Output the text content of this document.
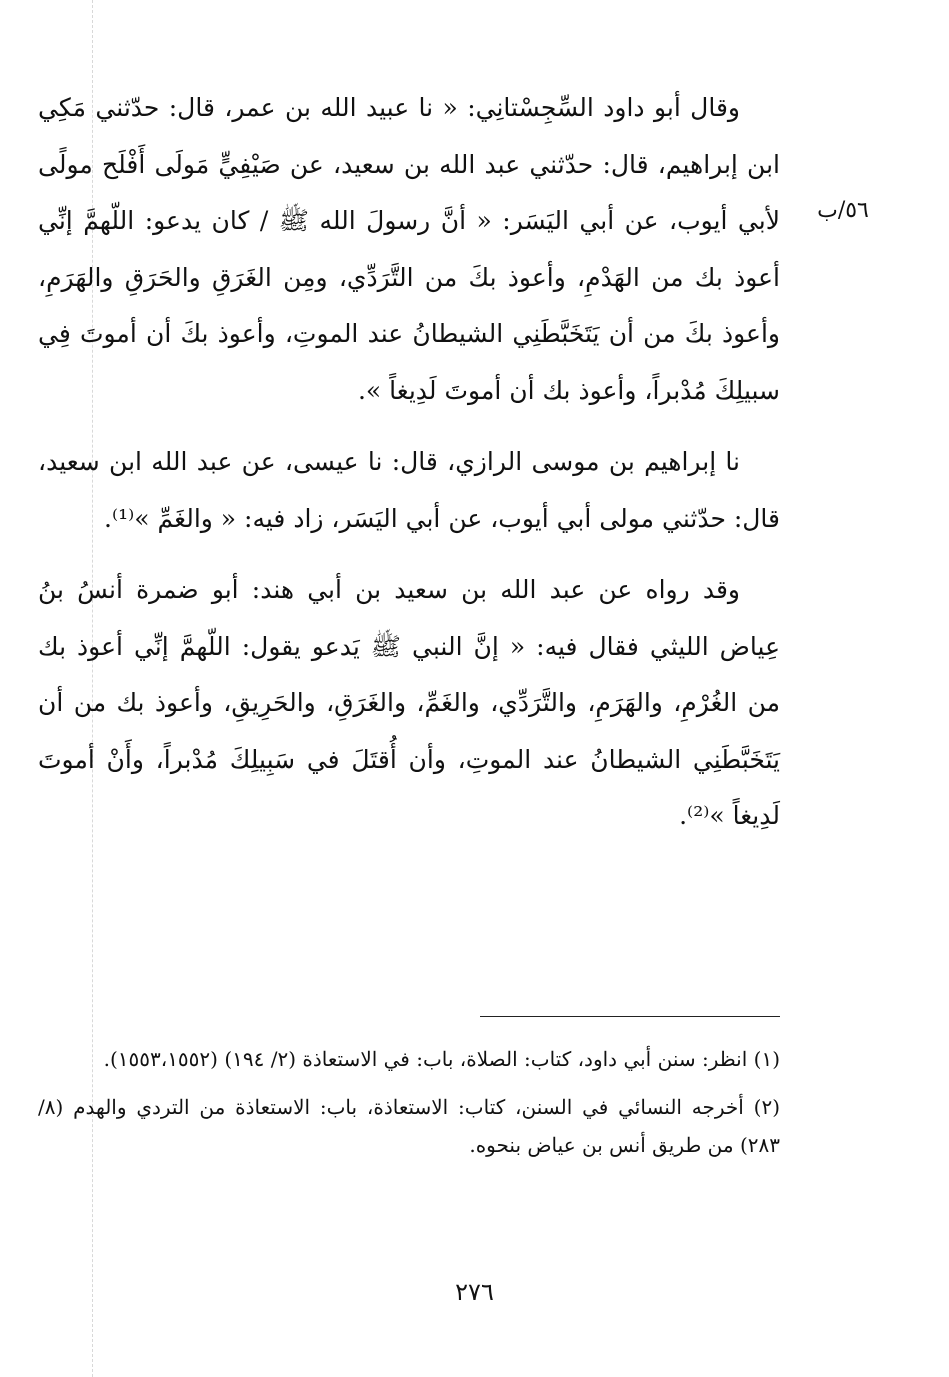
٥٦/ب

وقال أبو داود السِّجِسْتانِي: « نا عبيد الله بن عمر، قال: حدّثني مَكِي ابن إبراهيم، قال: حدّثني عبد الله بن سعيد، عن صَيْفِيٍّ مَولَى أَفْلَح مولًى لأبي أيوب، عن أبي اليَسَر: « أنَّ رسولَ الله ﷺ / كان يدعو: اللّهمَّ إنِّي أعوذ بك من الهَدْمِ، وأعوذ بكَ من التَّرَدِّي، ومِن الغَرَقِ والحَرَقِ والهَرَمِ، وأعوذ بكَ من أن يَتَخَبَّطَنِي الشيطانُ عند الموتِ، وأعوذ بكَ أن أموتَ فِي سبيلِكَ مُدْبراً، وأعوذ بك أن أموتَ لَدِيغاً ».

نا إبراهيم بن موسى الرازي، قال: نا عيسى، عن عبد الله ابن سعيد، قال: حدّثني مولى أبي أيوب، عن أبي اليَسَر، زاد فيه: « والغَمِّ »⁽¹⁾.

وقد رواه عن عبد الله بن سعيد بن أبي هند: أبو ضمرة أنسُ بنُ عِياض الليثي فقال فيه: « إنَّ النبي ﷺ يَدعو يقول: اللّهمَّ إنِّي أعوذ بك من الغُرْمِ، والهَرَمِ، والتَّرَدِّي، والغَمِّ، والغَرَقِ، والحَرِيقِ، وأعوذ بك من أن يَتَخَبَّطَنِي الشيطانُ عند الموتِ، وأن أُقتَلَ في سَبِيلِكَ مُدْبراً، وأَنْ أموتَ لَدِيغاً »⁽²⁾.

(١) انظر: سنن أبي داود، كتاب: الصلاة، باب: في الاستعاذة (٢/ ١٩٤) (١٥٥٣،١٥٥٢).

(٢) أخرجه النسائي في السنن، كتاب: الاستعاذة، باب: الاستعاذة من التردي والهدم (٨/ ٢٨٣) من طريق أنس بن عياض بنحوه.

٢٧٦
